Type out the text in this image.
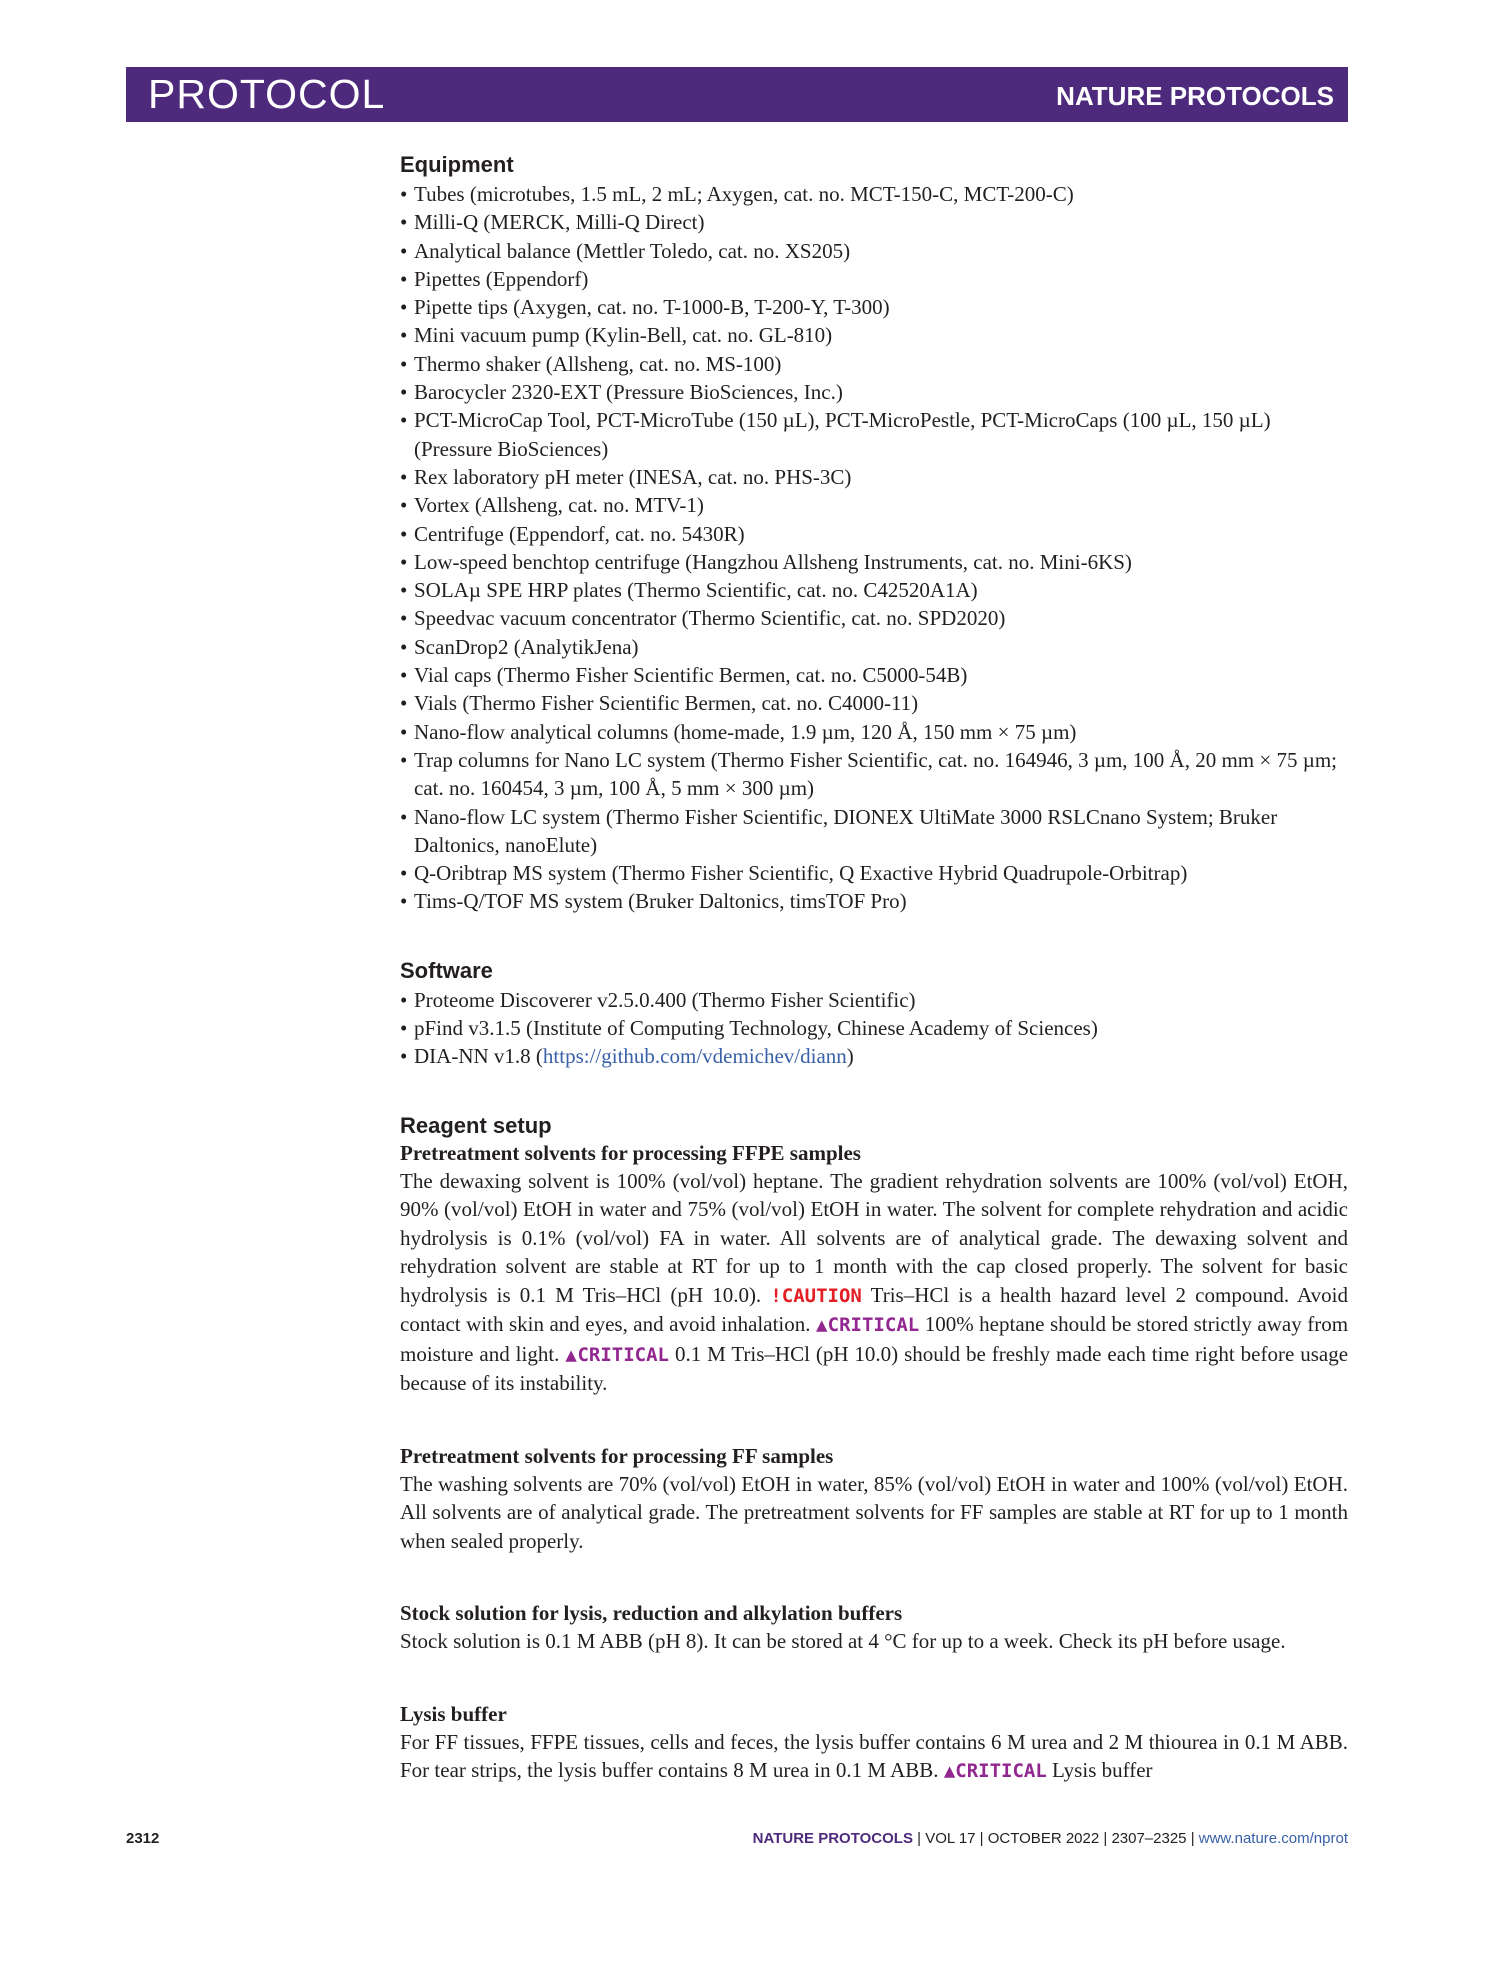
PROTOCOL	NATURE PROTOCOLS
Equipment
• Tubes (microtubes, 1.5 mL, 2 mL; Axygen, cat. no. MCT-150-C, MCT-200-C)
• Milli-Q (MERCK, Milli-Q Direct)
• Analytical balance (Mettler Toledo, cat. no. XS205)
• Pipettes (Eppendorf)
• Pipette tips (Axygen, cat. no. T-1000-B, T-200-Y, T-300)
• Mini vacuum pump (Kylin-Bell, cat. no. GL-810)
• Thermo shaker (Allsheng, cat. no. MS-100)
• Barocycler 2320-EXT (Pressure BioSciences, Inc.)
• PCT-MicroCap Tool, PCT-MicroTube (150 µL), PCT-MicroPestle, PCT-MicroCaps (100 µL, 150 µL) (Pressure BioSciences)
• Rex laboratory pH meter (INESA, cat. no. PHS-3C)
• Vortex (Allsheng, cat. no. MTV-1)
• Centrifuge (Eppendorf, cat. no. 5430R)
• Low-speed benchtop centrifuge (Hangzhou Allsheng Instruments, cat. no. Mini-6KS)
• SOLAµ SPE HRP plates (Thermo Scientific, cat. no. C42520A1A)
• Speedvac vacuum concentrator (Thermo Scientific, cat. no. SPD2020)
• ScanDrop2 (AnalytikJena)
• Vial caps (Thermo Fisher Scientific Bermen, cat. no. C5000-54B)
• Vials (Thermo Fisher Scientific Bermen, cat. no. C4000-11)
• Nano-flow analytical columns (home-made, 1.9 µm, 120 Å, 150 mm × 75 µm)
• Trap columns for Nano LC system (Thermo Fisher Scientific, cat. no. 164946, 3 µm, 100 Å, 20 mm × 75 µm; cat. no. 160454, 3 µm, 100 Å, 5 mm × 300 µm)
• Nano-flow LC system (Thermo Fisher Scientific, DIONEX UltiMate 3000 RSLCnano System; Bruker Daltonics, nanoElute)
• Q-Oribtrap MS system (Thermo Fisher Scientific, Q Exactive Hybrid Quadrupole-Orbitrap)
• Tims-Q/TOF MS system (Bruker Daltonics, timsTOF Pro)
Software
• Proteome Discoverer v2.5.0.400 (Thermo Fisher Scientific)
• pFind v3.1.5 (Institute of Computing Technology, Chinese Academy of Sciences)
• DIA-NN v1.8 (https://github.com/vdemichev/diann)
Reagent setup

Pretreatment solvents for processing FFPE samples

The dewaxing solvent is 100% (vol/vol) heptane. The gradient rehydration solvents are 100% (vol/vol) EtOH, 90% (vol/vol) EtOH in water and 75% (vol/vol) EtOH in water. The solvent for complete rehydration and acidic hydrolysis is 0.1% (vol/vol) FA in water. All solvents are of analytical grade. The dewaxing solvent and rehydration solvent are stable at RT for up to 1 month with the cap closed properly. The solvent for basic hydrolysis is 0.1 M Tris–HCl (pH 10.0). !CAUTION Tris–HCl is a health hazard level 2 compound. Avoid contact with skin and eyes, and avoid inhalation. ▲CRITICAL 100% heptane should be stored strictly away from moisture and light. ▲CRITICAL 0.1 M Tris–HCl (pH 10.0) should be freshly made each time right before usage because of its instability.

Pretreatment solvents for processing FF samples

The washing solvents are 70% (vol/vol) EtOH in water, 85% (vol/vol) EtOH in water and 100% (vol/vol) EtOH. All solvents are of analytical grade. The pretreatment solvents for FF samples are stable at RT for up to 1 month when sealed properly.

Stock solution for lysis, reduction and alkylation buffers

Stock solution is 0.1 M ABB (pH 8). It can be stored at 4 °C for up to a week. Check its pH before usage.

Lysis buffer

For FF tissues, FFPE tissues, cells and feces, the lysis buffer contains 6 M urea and 2 M thiourea in 0.1 M ABB. For tear strips, the lysis buffer contains 8 M urea in 0.1 M ABB. ▲CRITICAL Lysis buffer

2312	NATURE PROTOCOLS | VOL 17 | OCTOBER 2022 | 2307–2325 | www.nature.com/nprot
